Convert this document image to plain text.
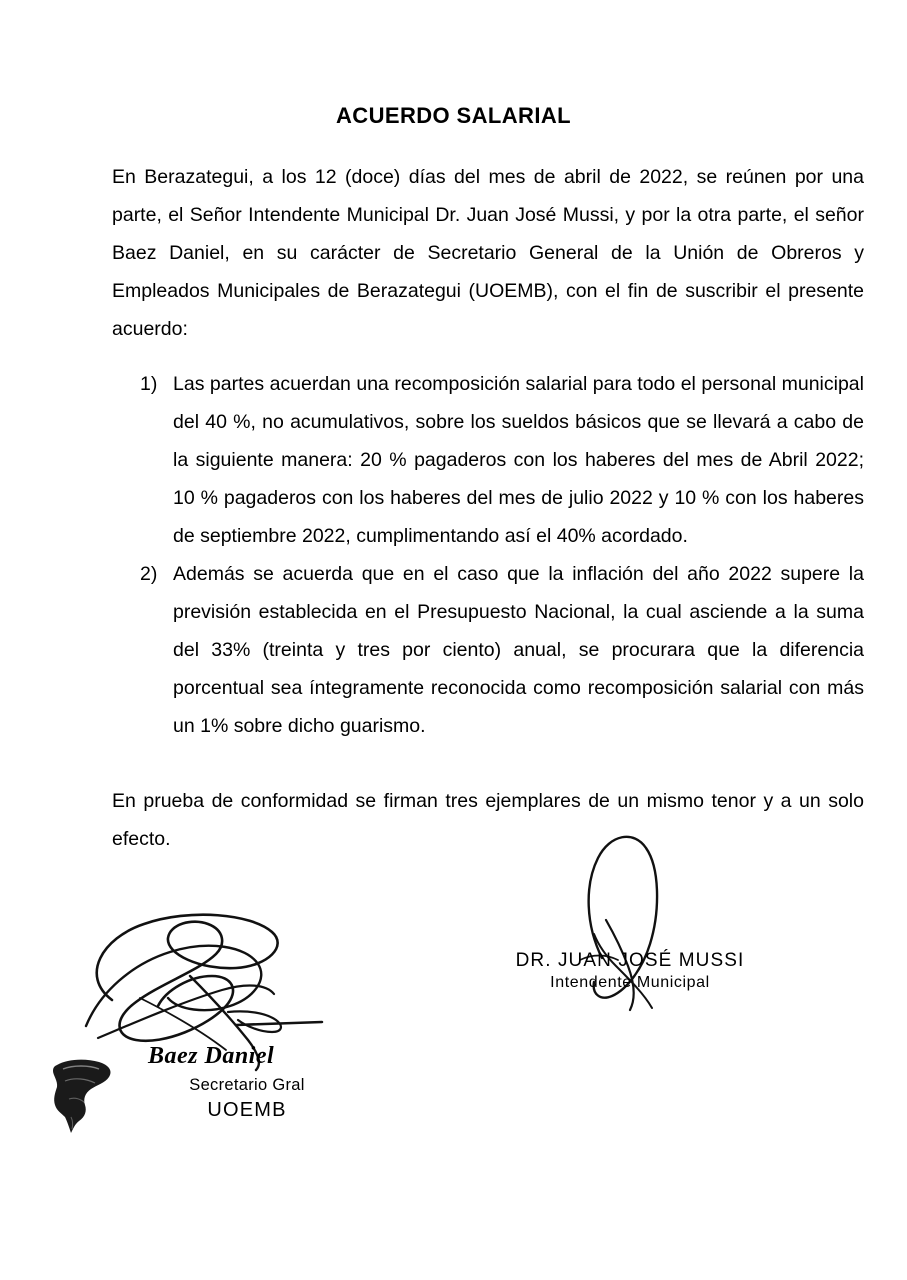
ACUERDO SALARIAL

En Berazategui, a los 12 (doce) días del mes de abril de 2022, se reúnen por una parte, el Señor Intendente Municipal Dr. Juan José Mussi, y por la otra parte, el señor Baez Daniel, en su carácter de Secretario General de la Unión de Obreros y Empleados Municipales de Berazategui (UOEMB), con el fin de suscribir el presente acuerdo:

1) Las partes acuerdan una recomposición salarial para todo el personal municipal del 40 %, no acumulativos, sobre los sueldos básicos que se llevará a cabo de la siguiente manera: 20 % pagaderos con los haberes del mes de Abril 2022; 10 % pagaderos con los haberes del mes de julio 2022 y 10 % con los haberes de septiembre 2022, cumplimentando así el 40% acordado.
2) Además se acuerda que en el caso que la inflación del año 2022 supere la previsión establecida en el Presupuesto Nacional, la cual asciende a la suma del 33% (treinta y tres por ciento) anual, se procurara que la diferencia porcentual sea íntegramente reconocida como recomposición salarial con más un 1% sobre dicho guarismo.

En prueba de conformidad se firman tres ejemplares de un mismo tenor y a un solo efecto.

Baez Daniel
Secretario Gral
UOEMB
DR. JUAN JOSÉ MUSSI
Intendente Municipal
